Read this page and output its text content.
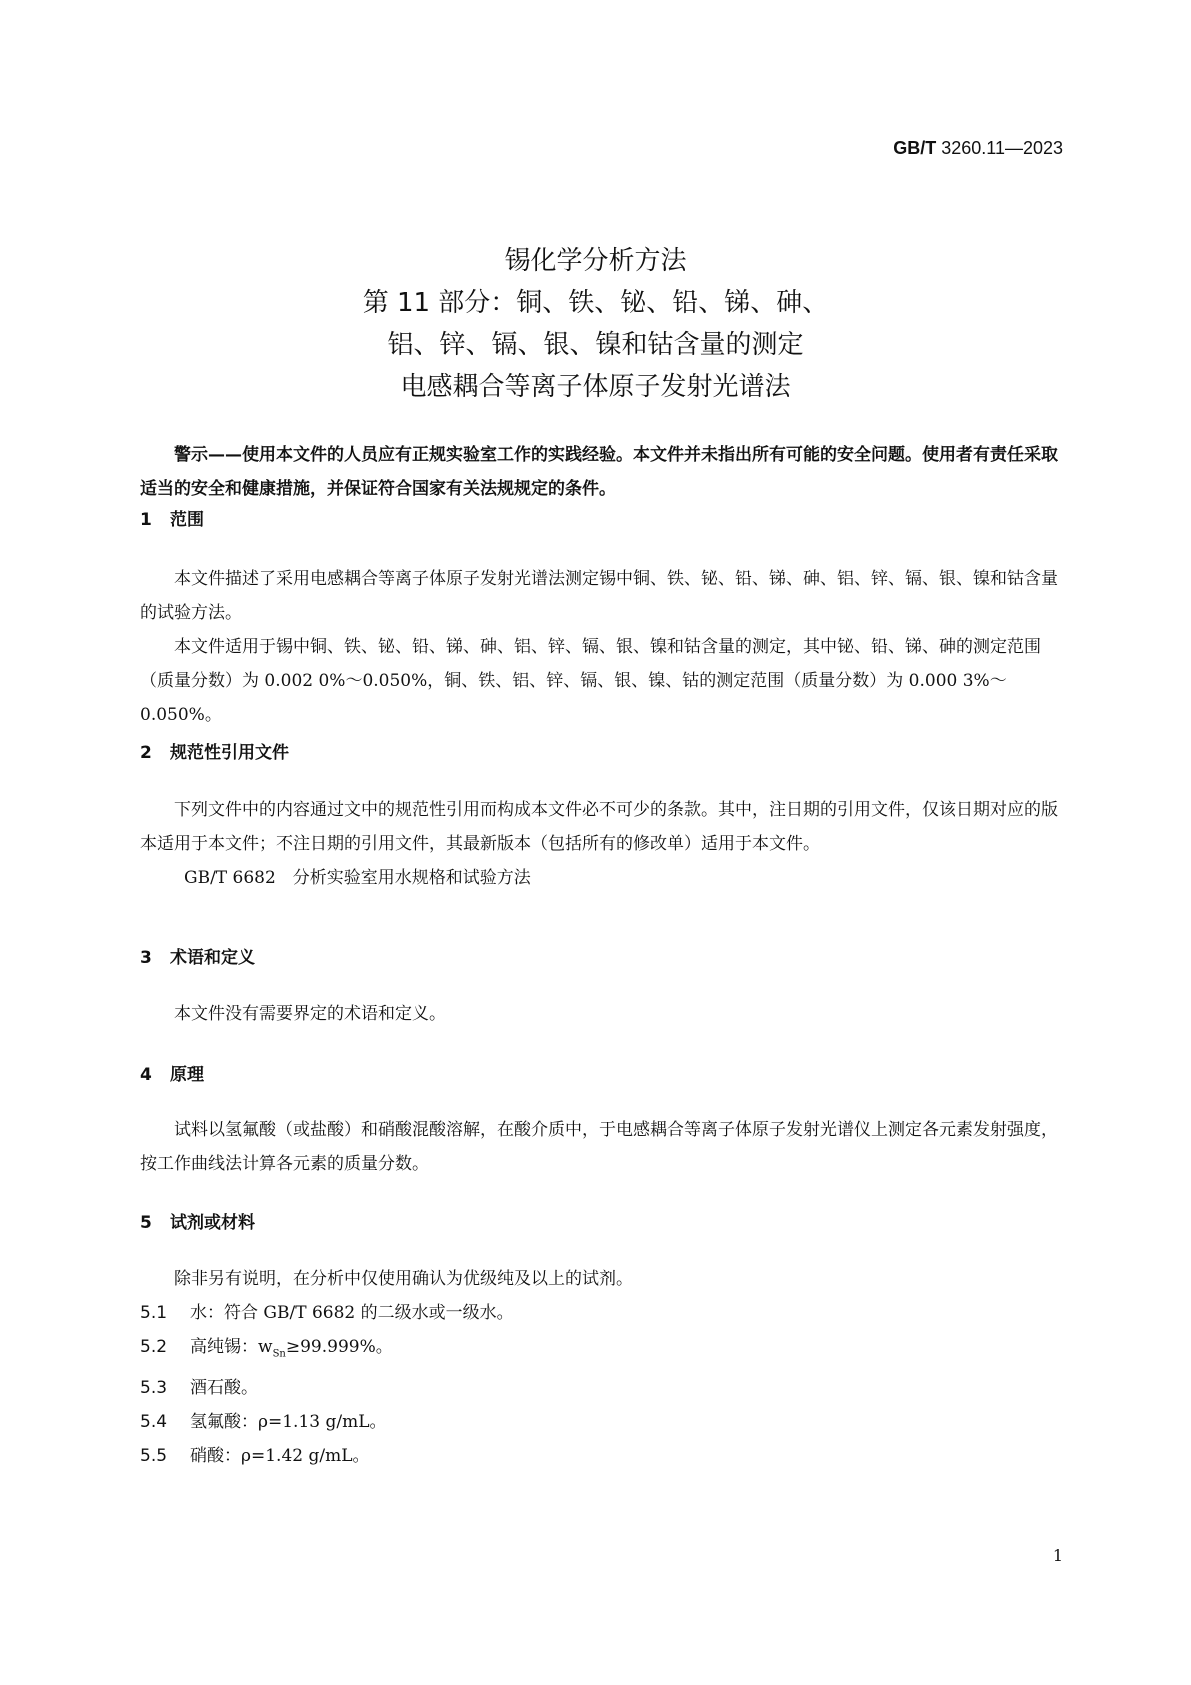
GB/T 3260.11—2023
锡化学分析方法
第 11 部分：铜、铁、铋、铅、锑、砷、
铝、锌、镉、银、镍和钴含量的测定
电感耦合等离子体原子发射光谱法

警示——使用本文件的人员应有正规实验室工作的实践经验。本文件并未指出所有可能的安全问题。使用者有责任采取适当的安全和健康措施，并保证符合国家有关法规规定的条件。

1 范围

本文件描述了采用电感耦合等离子体原子发射光谱法测定锡中铜、铁、铋、铅、锑、砷、铝、锌、镉、银、镍和钴含量的试验方法。

本文件适用于锡中铜、铁、铋、铅、锑、砷、铝、锌、镉、银、镍和钴含量的测定，其中铋、铅、锑、砷的测定范围（质量分数）为 0.002 0%～0.050%，铜、铁、铝、锌、镉、银、镍、钴的测定范围（质量分数）为 0.000 3%～0.050%。

2 规范性引用文件

下列文件中的内容通过文中的规范性引用而构成本文件必不可少的条款。其中，注日期的引用文件，仅该日期对应的版本适用于本文件；不注日期的引用文件，其最新版本（包括所有的修改单）适用于本文件。

GB/T 6682　分析实验室用水规格和试验方法

3 术语和定义

本文件没有需要界定的术语和定义。

4 原理

试料以氢氟酸（或盐酸）和硝酸混酸溶解，在酸介质中，于电感耦合等离子体原子发射光谱仪上测定各元素发射强度，按工作曲线法计算各元素的质量分数。

5 试剂或材料

除非另有说明，在分析中仅使用确认为优级纯及以上的试剂。

5.1 水：符合 GB/T 6682 的二级水或一级水。

5.2 高纯锡：$w_{Sn}\ge 99.999\%$。

5.3 酒石酸。

5.4 氢氟酸：ρ=1.13 g/mL。

5.5 硝酸：ρ=1.42 g/mL。

1
